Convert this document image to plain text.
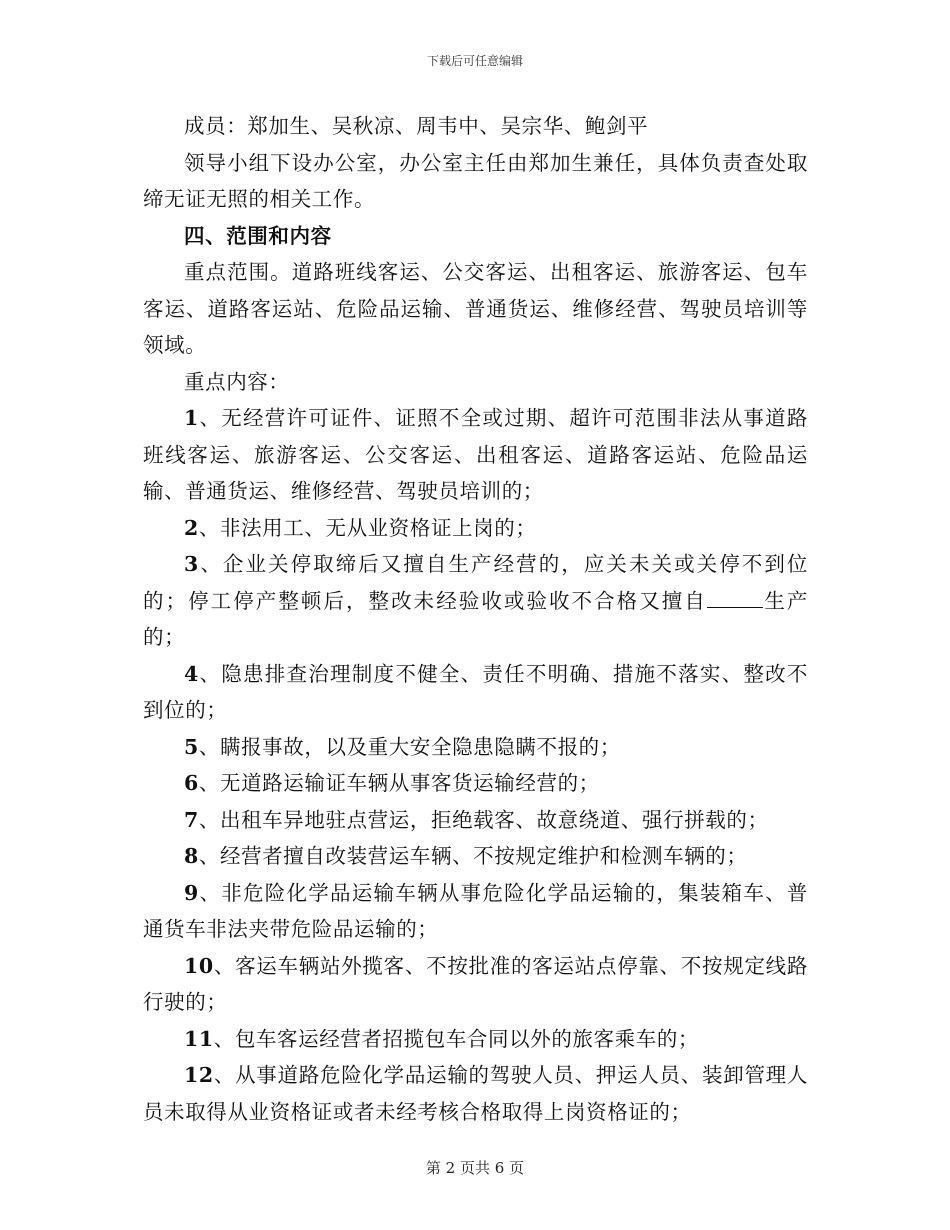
下载后可任意编辑

成员：郑加生、吴秋凉、周韦中、吴宗华、鲍剑平

领导小组下设办公室，办公室主任由郑加生兼任，具体负责查处取缔无证无照的相关工作。

四、范围和内容

重点范围。道路班线客运、公交客运、出租客运、旅游客运、包车客运、道路客运站、危险品运输、普通货运、维修经营、驾驶员培训等领域。

重点内容：

1、无经营许可证件、证照不全或过期、超许可范围非法从事道路班线客运、旅游客运、公交客运、出租客运、道路客运站、危险品运输、普通货运、维修经营、驾驶员培训的；

2、非法用工、无从业资格证上岗的；

3、企业关停取缔后又擅自生产经营的，应关未关或关停不到位的；停工停产整顿后，整改未经验收或验收不合格又擅自	生产的；

4、隐患排查治理制度不健全、责任不明确、措施不落实、整改不到位的；

5、瞒报事故，以及重大安全隐患隐瞒不报的；

6、无道路运输证车辆从事客货运输经营的；

7、出租车异地驻点营运，拒绝载客、故意绕道、强行拼载的；

8、经营者擅自改装营运车辆、不按规定维护和检测车辆的；

9、非危险化学品运输车辆从事危险化学品运输的，集装箱车、普通货车非法夹带危险品运输的；

10、客运车辆站外揽客、不按批准的客运站点停靠、不按规定线路行驶的；

11、包车客运经营者招揽包车合同以外的旅客乘车的；

12、从事道路危险化学品运输的驾驶人员、押运人员、装卸管理人员未取得从业资格证或者未经考核合格取得上岗资格证的；

第 2 页共 6 页
